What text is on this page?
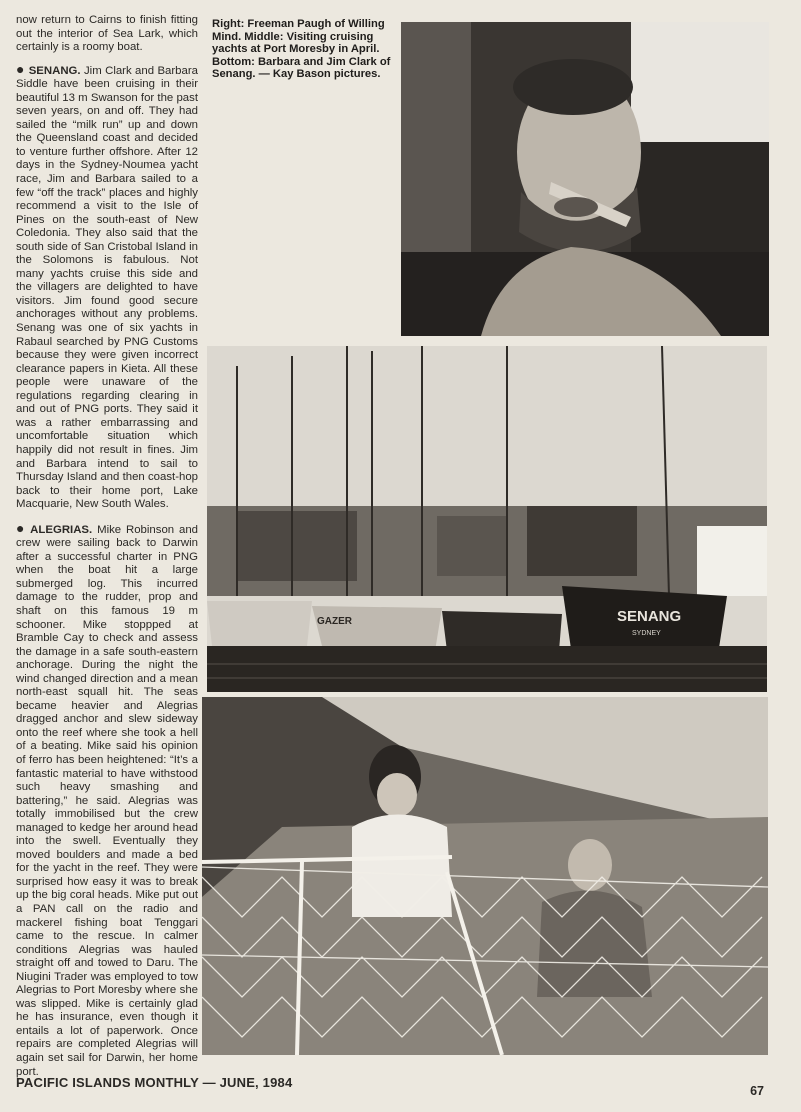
now return to Cairns to finish fitting out the interior of Sea Lark, which certainly is a roomy boat.

● SENANG. Jim Clark and Barbara Siddle have been cruising in their beautiful 13 m Swanson for the past seven years, on and off. They had sailed the “milk run” up and down the Queensland coast and decided to venture further offshore. After 12 days in the Sydney-Noumea yacht race, Jim and Barbara sailed to a few “off the track” places and highly recommend a visit to the Isle of Pines on the south-east of New Coledonia. They also said that the south side of San Cristobal Island in the Solomons is fabulous. Not many yachts cruise this side and the villagers are delighted to have visitors. Jim found good secure anchorages without any problems. Senang was one of six yachts in Rabaul searched by PNG Customs because they were given incorrect clearance papers in Kieta. All these people were unaware of the regulations regarding clearing in and out of PNG ports. They said it was a rather embarrassing and uncomfortable situation which happily did not result in fines. Jim and Barbara intend to sail to Thursday Island and then coast-hop back to their home port, Lake Macquarie, New South Wales.

● ALEGRIAS. Mike Robinson and crew were sailing back to Darwin after a successful charter in PNG when the boat hit a large submerged log. This incurred damage to the rudder, prop and shaft on this famous 19 m schooner. Mike stoppped at Bramble Cay to check and assess the damage in a safe south-eastern anchorage. During the night the wind changed direction and a mean north-east squall hit. The seas became heavier and Alegrias dragged anchor and slew sideway onto the reef where she took a hell of a beating. Mike said his opinion of ferro has been heightened: “It’s a fantastic material to have withstood such heavy smashing and battering,” he said. Alegrias was totally immobilised but the crew managed to kedge her around head into the swell. Eventually they moved boulders and made a bed for the yacht in the reef. They were surprised how easy it was to break up the big coral heads. Mike put out a PAN call on the radio and mackerel fishing boat Tenggari came to the rescue. In calmer conditions Alegrias was hauled straight off and towed to Daru. The Niugini Trader was employed to tow Alegrias to Port Moresby where she was slipped. Mike is certainly glad he has insurance, even though it entails a lot of paperwork. Once repairs are completed Alegrias will again set sail for Darwin, her home port.

Right: Freeman Paugh of Willing Mind. Middle: Visiting cruising yachts at Port Moresby in April. Bottom: Barbara and Jim Clark of Senang. — Kay Bason pictures.
SENANG
SYDNEY
GAZER
PACIFIC ISLANDS MONTHLY — JUNE, 1984
67
